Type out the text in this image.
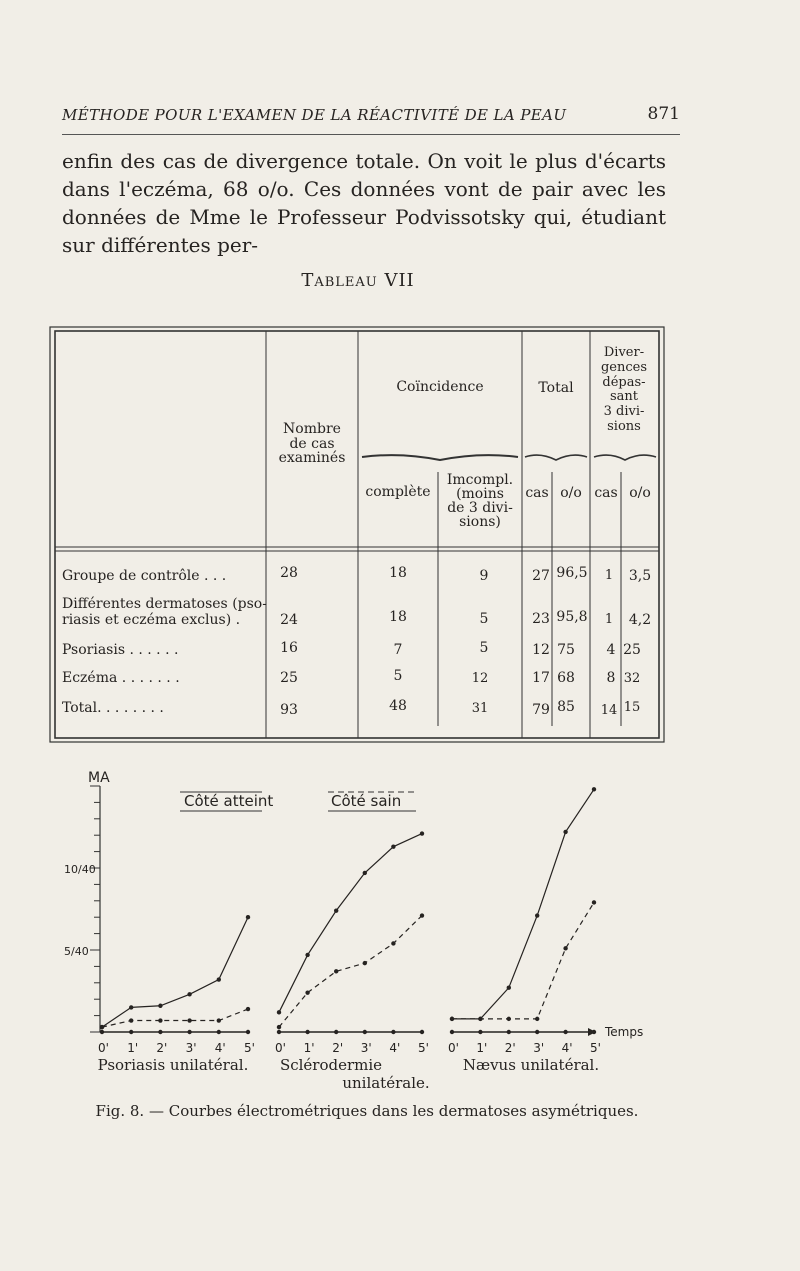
MÉTHODE POUR L'EXAMEN DE LA RÉACTIVITÉ DE LA PEAU	871
enfin des cas de divergence totale. On voit le plus d'écarts dans l'eczéma, 68 o/o. Ces données vont de pair avec les données de Mme le Professeur Podvissotsky qui, étudiant sur différentes per-
Tableau VII
Nombre
de cas
examinés
Coïncidence	Total
Diver-
gences
dépas-
sant
3 divi-
sions
complète
Imcompl.
(moins
de 3 divi-
sions)
cas o/o cas o/o
Groupe de contrôle . . .	28	18	9	27 96,5 1 3,5
Différentes dermatoses (pso-
riasis et eczéma exclus) .	24	18	5	23 95,8 1 4,2
Psoriasis . . . . . .	16	7	5	12 75 4 25
Eczéma . . . . . . .	25	5	12	17 68 8 32
Total. . . . . . . .	93	48	31	79 85 14 15
MA
10/40
5/40
Côté atteint	Côté sain
0' 1' 2' 3' 4' 5' 0' 1' 2' 3' 4' 5' 0' 1' 2' 3' 4' 5'
Temps
Psoriasis unilatéral. Sclérodermie
unilatérale.
Nævus unilatéral.
Fig. 8. — Courbes électrométriques dans les dermatoses asymétriques.
